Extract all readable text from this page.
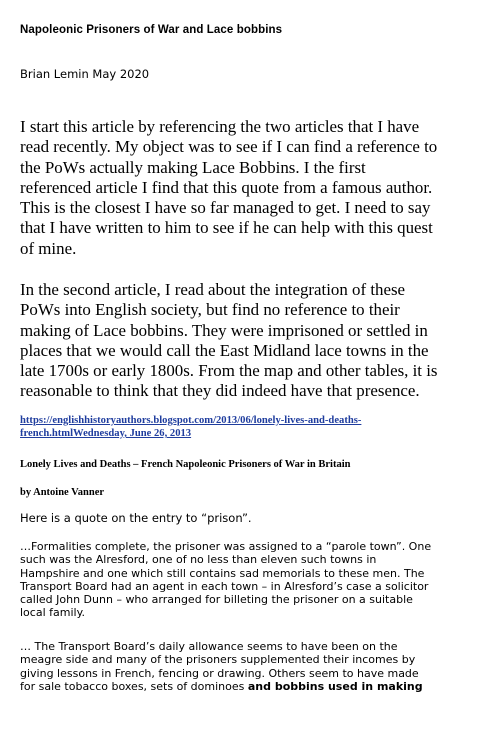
Napoleonic Prisoners of War and Lace bobbins
Brian Lemin May 2020
I start this article by referencing the two articles that I have
read recently. My object was to see if I can find a reference to
the PoWs actually making Lace Bobbins. I the first
referenced article I find that this quote from a famous author.
This is the closest I have so far managed to get. I need to say
that I have written to him to see if he can help with this quest
of mine.
In the second article, I read about the integration of these
PoWs into English society, but find no reference to their
making of Lace bobbins. They were imprisoned or settled in
places that we would call the East Midland lace towns in the
late 1700s or early 1800s. From the map and other tables, it is
reasonable to think that they did indeed have that presence.
https://englishhistoryauthors.blogspot.com/2013/06/lonely-lives-and-deaths-
french.htmlWednesday, June 26, 2013
Lonely Lives and Deaths – French Napoleonic Prisoners of War in Britain
by Antoine Vanner
Here is a quote on the entry to “prison”.
…Formalities complete, the prisoner was assigned to a “parole town”. One
such was the Alresford, one of no less than eleven such towns in
Hampshire and one which still contains sad memorials to these men. The
Transport Board had an agent in each town – in Alresford’s case a solicitor
called John Dunn – who arranged for billeting the prisoner on a suitable
local family.
… The Transport Board’s daily allowance seems to have been on the
meagre side and many of the prisoners supplemented their incomes by
giving lessons in French, fencing or drawing. Others seem to have made
for sale tobacco boxes, sets of dominoes and bobbins used in making
